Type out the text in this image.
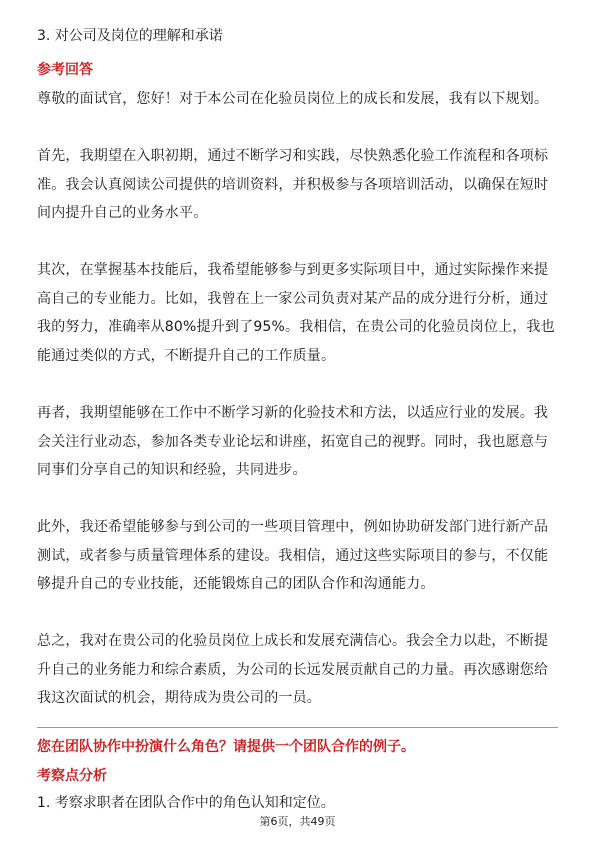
3. 对公司及岗位的理解和承诺
参考回答

尊敬的面试官，您好！对于本公司在化验员岗位上的成长和发展，我有以下规划。

首先，我期望在入职初期，通过不断学习和实践，尽快熟悉化验工作流程和各项标准。我会认真阅读公司提供的培训资料，并积极参与各项培训活动，以确保在短时间内提升自己的业务水平。

其次，在掌握基本技能后，我希望能够参与到更多实际项目中，通过实际操作来提高自己的专业能力。比如，我曾在上一家公司负责对某产品的成分进行分析，通过我的努力，准确率从80%提升到了95%。我相信，在贵公司的化验员岗位上，我也能通过类似的方式，不断提升自己的工作质量。

再者，我期望能够在工作中不断学习新的化验技术和方法，以适应行业的发展。我会关注行业动态，参加各类专业论坛和讲座，拓宽自己的视野。同时，我也愿意与同事们分享自己的知识和经验，共同进步。

此外，我还希望能够参与到公司的一些项目管理中，例如协助研发部门进行新产品测试，或者参与质量管理体系的建设。我相信，通过这些实际项目的参与，不仅能够提升自己的专业技能，还能锻炼自己的团队合作和沟通能力。

总之，我对在贵公司的化验员岗位上成长和发展充满信心。我会全力以赴，不断提升自己的业务能力和综合素质，为公司的长远发展贡献自己的力量。再次感谢您给我这次面试的机会，期待成为贵公司的一员。

您在团队协作中扮演什么角色？请提供一个团队合作的例子。
考察点分析
1. 考察求职者在团队合作中的角色认知和定位。
第6页，共49页
